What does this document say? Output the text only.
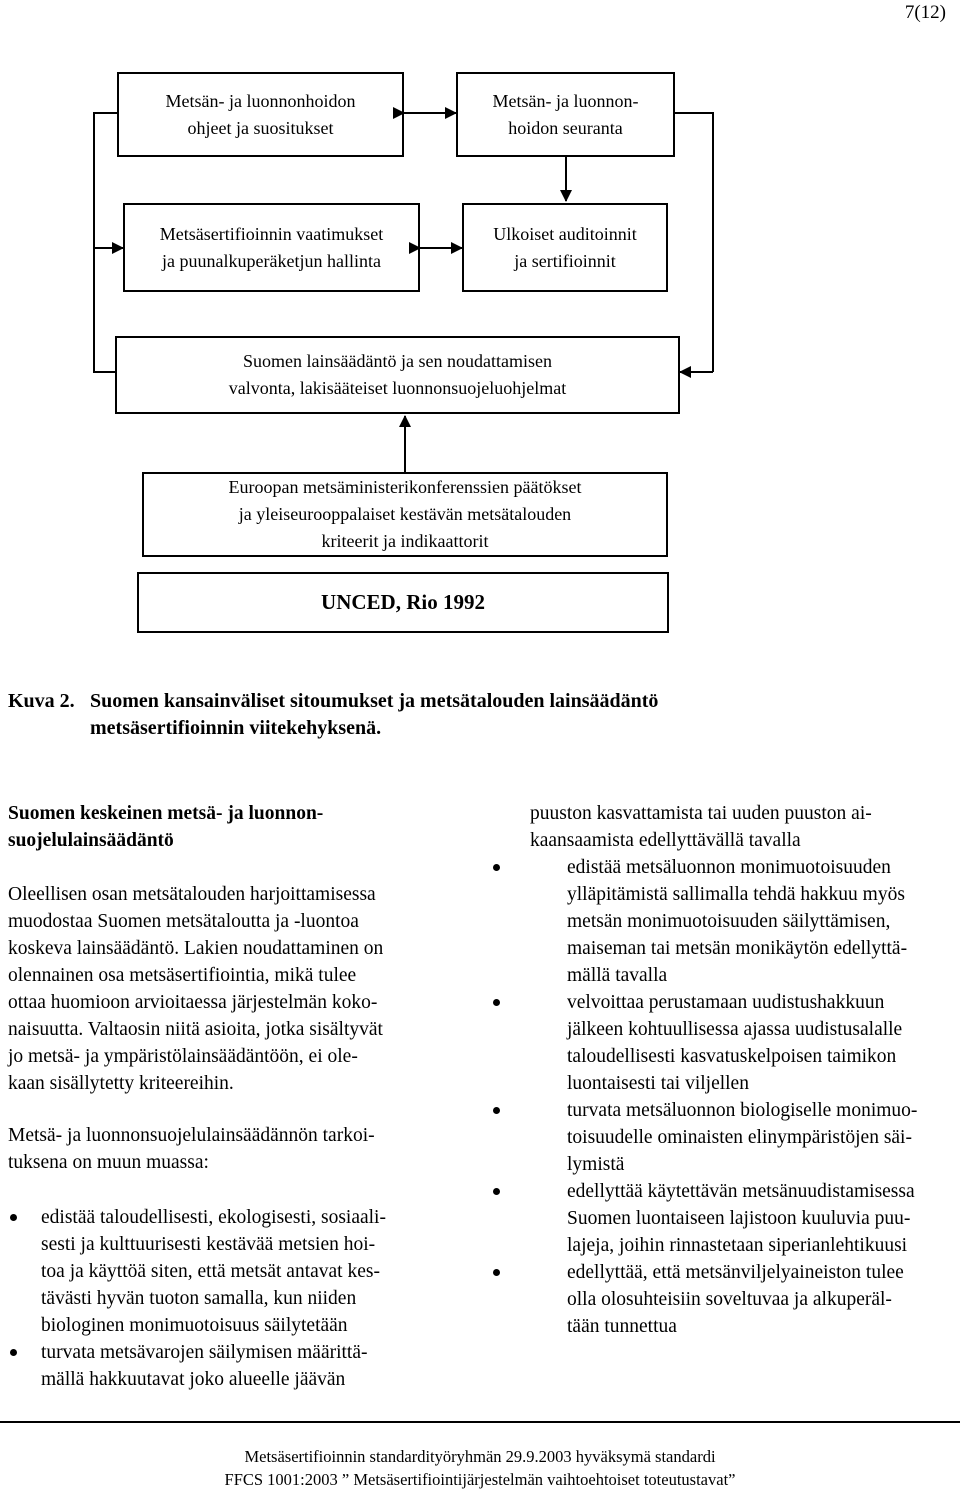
7(12)
Metsän- ja luonnonhoidon
ohjeet ja suositukset
Metsän- ja luonnon-
hoidon seuranta
Metsäsertifioinnin vaatimukset
ja puunalkuperäketjun hallinta
Ulkoiset auditoinnit
ja sertifioinnit
Suomen lainsäädäntö ja sen noudattamisen
valvonta, lakisääteiset luonnonsuojeluohjelmat
Euroopan metsäministerikonferenssien päätökset
ja yleiseurooppalaiset kestävän metsätalouden
kriteerit ja indikaattorit
UNCED, Rio 1992
Kuva 2. Suomen kansainväliset sitoumukset ja metsätalouden lainsäädäntö
metsäsertifioinnin viitekehyksenä.

Suomen keskeinen metsä- ja luonnon-
suojelulainsäädäntö

Oleellisen osan metsätalouden harjoittamisessa
muodostaa Suomen metsätaloutta ja -luontoa
koskeva lainsäädäntö. Lakien noudattaminen on
olennainen osa metsäsertifiointia, mikä tulee
ottaa huomioon arvioitaessa järjestelmän koko-
naisuutta. Valtaosin niitä asioita, jotka sisältyvät
jo metsä- ja ympäristölainsäädäntöön, ei ole-
kaan sisällytetty kriteereihin.

Metsä- ja luonnonsuojelulainsäädännön tarkoi-
tuksena on muun muassa:

edistää taloudellisesti, ekologisesti, sosiaali-
sesti ja kulttuurisesti kestävää metsien hoi-
toa ja käyttöä siten, että metsät antavat kes-
tävästi hyvän tuoton samalla, kun niiden
biologinen monimuotoisuus säilytetään
turvata metsävarojen säilymisen määrittä-
mällä hakkuutavat joko alueelle jäävän

puuston kasvattamista tai uuden puuston ai-
kaansaamista edellyttävällä tavalla

edistää metsäluonnon monimuotoisuuden
ylläpitämistä sallimalla tehdä hakkuu myös
metsän monimuotoisuuden säilyttämisen,
maiseman tai metsän monikäytön edellyttä-
mällä tavalla
velvoittaa perustamaan uudistushakkuun
jälkeen kohtuullisessa ajassa uudistusalalle
taloudellisesti kasvatuskelpoisen taimikon
luontaisesti tai viljellen
turvata metsäluonnon biologiselle monimuo-
toisuudelle ominaisten elinympäristöjen säi-
lymistä
edellyttää käytettävän metsänuudistamisessa
Suomen luontaiseen lajistoon kuuluvia puu-
lajeja, joihin rinnastetaan siperianlehtikuusi
edellyttää, että metsänviljelyaineiston tulee
olla olosuhteisiin soveltuvaa ja alkuperäl-
tään tunnettua
Metsäsertifioinnin standardityöryhmän 29.9.2003 hyväksymä standardi
FFCS 1001:2003 ” Metsäsertifiointijärjestelmän vaihtoehtoiset toteutustavat”
